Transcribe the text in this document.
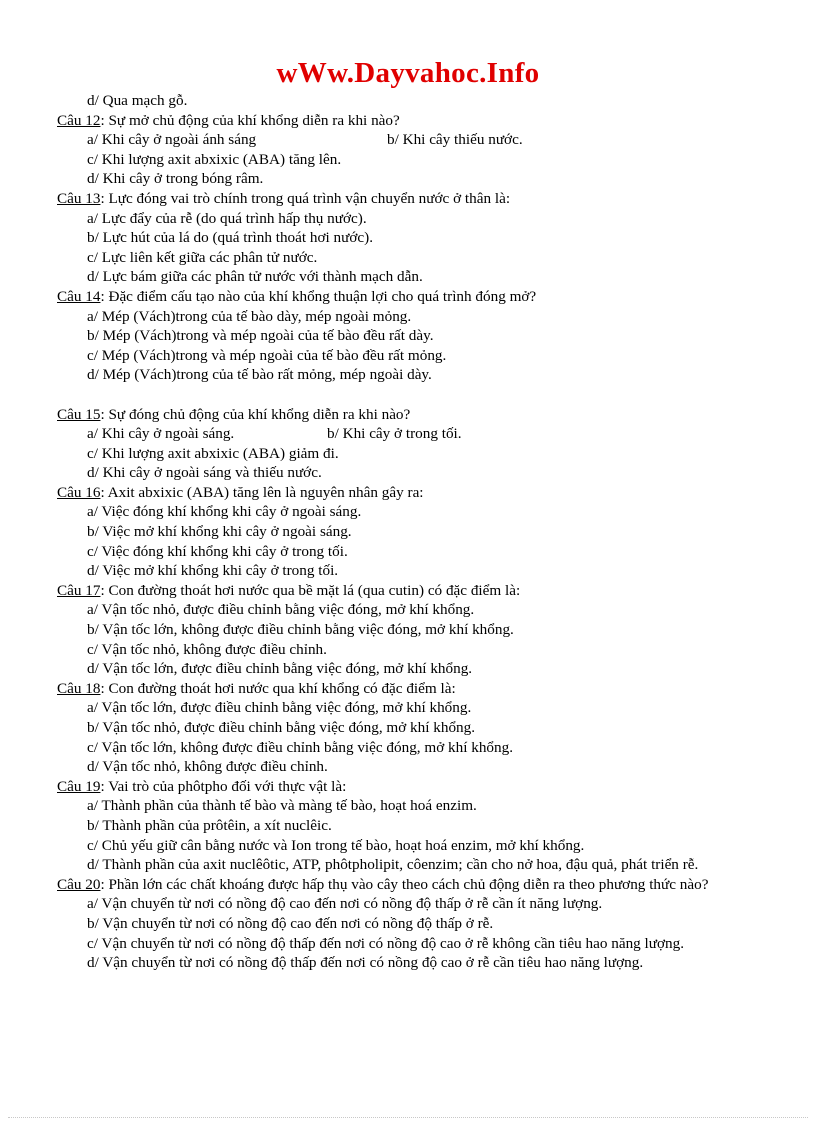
wWw.Dayvahoc.Info
d/ Qua mạch gỗ.
Câu 12: Sự mở chủ động của khí khổng diễn ra khi nào?
a/ Khi cây ở ngoài ánh sáng	b/ Khi cây thiếu nước.
c/ Khi lượng axit abxixic (ABA) tăng lên.
d/ Khi cây ở trong bóng râm.
Câu 13: Lực đóng vai trò chính trong quá trình vận chuyển nước ở thân là:
a/ Lực đẩy của rễ (do quá trình hấp thụ nước).
b/ Lực hút của lá do (quá trình thoát hơi nước).
c/ Lực liên kết giữa các phân tử nước.
d/ Lực bám giữa các phân tử nước với thành mạch dẫn.
Câu 14: Đặc điểm cấu tạo nào của khí khổng thuận lợi cho quá trình đóng mở?
a/ Mép (Vách)trong của tế bào dày, mép ngoài mỏng.
b/ Mép (Vách)trong và mép ngoài của tế bào đều rất dày.
c/ Mép (Vách)trong và mép ngoài của tế bào đều rất mỏng.
d/ Mép (Vách)trong của tế bào rất mỏng, mép ngoài dày.
Câu 15: Sự đóng chủ động của khí khổng diễn ra khi nào?
a/ Khi cây ở ngoài sáng.	b/ Khi cây ở trong tối.
c/ Khi lượng axit abxixic (ABA) giảm đi.
d/ Khi cây ở ngoài sáng và thiếu nước.
Câu 16: Axit abxixic (ABA) tăng lên là nguyên nhân gây ra:
a/ Việc đóng khí khổng khi cây ở ngoài sáng.
b/ Việc mở khí khổng khi cây ở ngoài sáng.
c/ Việc đóng khí khổng khi cây ở trong tối.
d/ Việc mở khí khổng khi cây ở trong tối.
Câu 17: Con đường thoát hơi nước qua bề mặt lá (qua cutin) có đặc điểm là:
a/ Vận tốc nhỏ, được điều chỉnh bằng việc đóng, mở khí khổng.
b/ Vận tốc lớn, không được điều chỉnh bằng việc đóng, mở khí khổng.
c/ Vận tốc nhỏ, không được điều chỉnh.
d/ Vận tốc lớn, được điều chỉnh bằng việc đóng, mở khí khổng.
Câu 18: Con đường thoát hơi nước qua khí khổng có đặc điểm là:
a/ Vận tốc lớn, được điều chỉnh bằng việc đóng, mở khí khổng.
b/ Vận tốc nhỏ, được điều chỉnh bằng việc đóng, mở khí khổng.
c/ Vận tốc lớn, không được điều chỉnh bằng việc đóng, mở khí khổng.
d/ Vận tốc nhỏ, không được điều chỉnh.
Câu 19: Vai trò của phôtpho đối với thực vật là:
a/ Thành phần của thành tế bào và màng tế bào, hoạt hoá enzim.
b/ Thành phần của prôtêin, a xít nuclêic.
c/ Chủ yếu giữ cân bằng nước và Ion trong tế bào, hoạt hoá enzim, mở khí khổng.
d/ Thành phần của axit nuclêôtic, ATP, phôtpholipit, côenzim; cần cho nở hoa, đậu quả, phát triển rễ.
Câu 20: Phần lớn các chất khoáng được hấp thụ vào cây theo cách chủ động diễn ra theo phương thức nào?
a/ Vận chuyển từ nơi có nồng độ cao đến nơi có nồng độ thấp ở rễ cần ít năng lượng.
b/ Vận chuyển từ nơi có nồng độ cao đến nơi có nồng độ thấp ở rễ.
c/ Vận chuyển từ nơi có nồng độ thấp đến nơi có nồng độ cao ở rễ không cần tiêu hao năng lượng.
d/ Vận chuyển từ nơi có nồng độ thấp đến nơi có nồng độ cao ở rễ cần tiêu hao năng lượng.
